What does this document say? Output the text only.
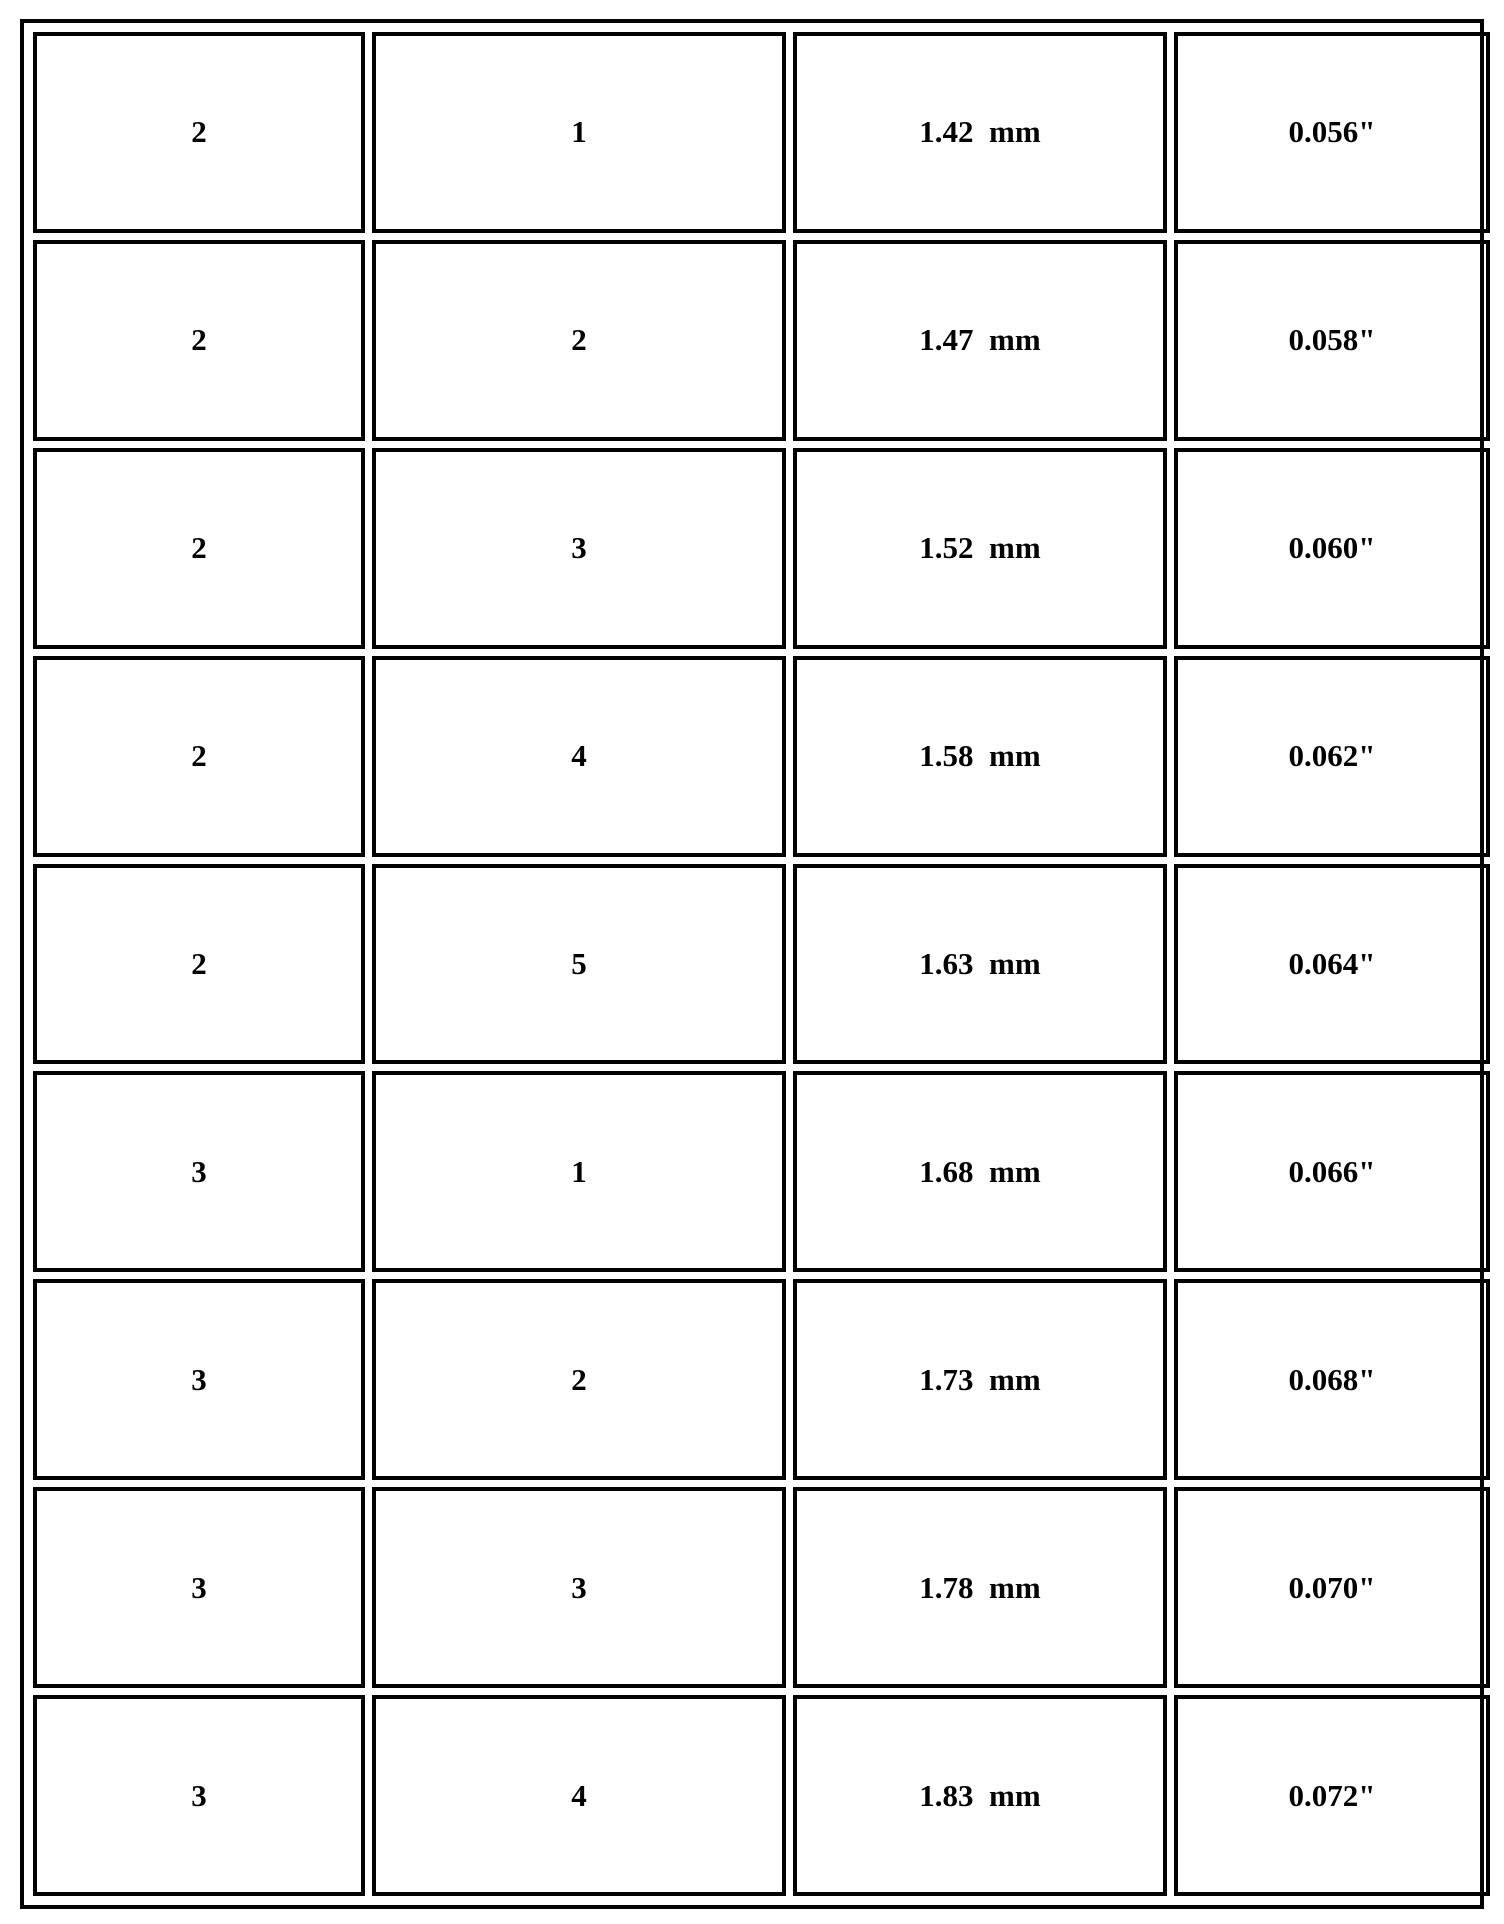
2	1	1.42  mm	0.056"
2	2	1.47  mm	0.058"
2	3	1.52  mm	0.060"
2	4	1.58  mm	0.062"
2	5	1.63  mm	0.064"
3	1	1.68  mm	0.066"
3	2	1.73  mm	0.068"
3	3	1.78  mm	0.070"
3	4	1.83  mm	0.072"
